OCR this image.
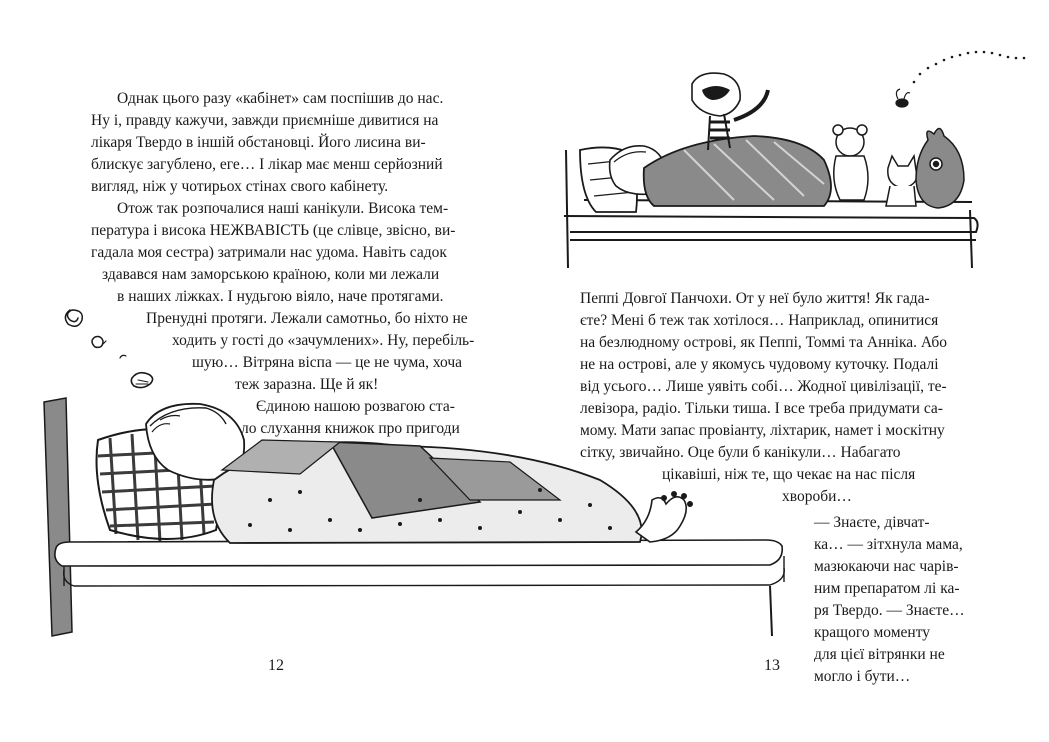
Однак цього разу «кабінет» сам поспішив до нас.
Ну і, правду кажучи, завжди приємніше дивитися на
лікаря Твердо в іншій обстановці. Його лисина ви-
блискує загублено, еге… І лікар має менш серйозний
вигляд, ніж у чотирьох стінах свого кабінету.
Отож так розпочалися наші канікули. Висока тем-
пература і висока НЕЖВАВІСТЬ (це слівце, звісно, ви-
гадала моя сестра) затримали нас удома. Навіть садок
здавався нам заморською країною, коли ми лежали
в наших ліжках. І нудьгою віяло, наче протягами.
Пренудні протяги. Лежали самотньо, бо ніхто не
ходить у гості до «зачумлених». Ну, перебіль-
шую… Вітряна віспа — це не чума, хоча
теж заразна. Ще й як!
Єдиною нашою розвагою ста-
ло слухання книжок про пригоди
12
Пеппі Довгої Панчохи. От у неї було життя! Як гада-
єте? Мені б теж так хотілося… Наприклад, опинитися
на безлюдному острові, як Пеппі, Томмі та Анніка. Або
не на острові, але у якомусь чудовому куточку. Подалі
від усього… Лише уявіть собі… Жодної цивілізації, те-
левізора, радіо. Тільки тиша. І все треба придумати са-
мому. Мати запас провіанту, ліхтарик, намет і москітну
сітку, звичайно. Оце були б канікули… Набагато
цікавіші, ніж те, що чекає на нас після
хвороби…
— Знаєте, дівчат-
ка… — зітхнула мама,
мазюкаючи нас чарів-
ним препаратом лі ка-
ря Твердо. — Знаєте…
кращого моменту
для цієї вітрянки не
могло і бути…
13
